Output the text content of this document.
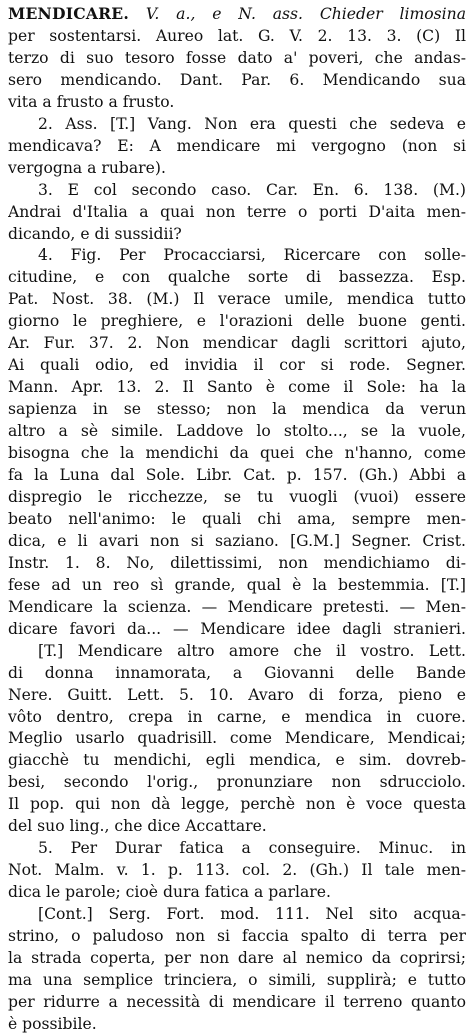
MENDICARE. V. a., e N. ass. Chieder limosina
per sostentarsi. Aureo lat. G. V. 2. 13. 3. (C) Il
terzo di suo tesoro fosse dato a' poveri, che andas-
sero mendicando. Dant. Par. 6. Mendicando sua
vita a frusto a frusto.
2. Ass. [T.] Vang. Non era questi che sedeva e
mendicava? E: A mendicare mi vergogno (non si
vergogna a rubare).
3. E col secondo caso. Car. En. 6. 138. (M.)
Andrai d'Italia a quai non terre o porti D'aita men-
dicando, e di sussidii?
4. Fig. Per Procacciarsi, Ricercare con solle-
citudine, e con qualche sorte di bassezza. Esp.
Pat. Nost. 38. (M.) Il verace umile, mendica tutto
giorno le preghiere, e l'orazioni delle buone genti.
Ar. Fur. 37. 2. Non mendicar dagli scrittori ajuto,
Ai quali odio, ed invidia il cor si rode. Segner.
Mann. Apr. 13. 2. Il Santo è come il Sole: ha la
sapienza in se stesso; non la mendica da verun
altro a sè simile. Laddove lo stolto..., se la vuole,
bisogna che la mendichi da quei che n'hanno, come
fa la Luna dal Sole. Libr. Cat. p. 157. (Gh.) Abbi a
dispregio le ricchezze, se tu vuogli (vuoi) essere
beato nell'animo: le quali chi ama, sempre men-
dica, e li avari non si saziano. [G.M.] Segner. Crist.
Instr. 1. 8. No, dilettissimi, non mendichiamo di-
fese ad un reo sì grande, qual è la bestemmia. [T.]
Mendicare la scienza. — Mendicare pretesti. — Men-
dicare favori da... — Mendicare idee dagli stranieri.
[T.] Mendicare altro amore che il vostro. Lett.
di donna innamorata, a Giovanni delle Bande
Nere. Guitt. Lett. 5. 10. Avaro di forza, pieno e
vôto dentro, crepa in carne, e mendica in cuore.
Meglio usarlo quadrisill. come Mendicare, Mendicai;
giacchè tu mendichi, egli mendica, e sim. dovreb-
besi, secondo l'orig., pronunziare non sdrucciolo.
Il pop. qui non dà legge, perchè non è voce questa
del suo ling., che dice Accattare.
5. Per Durar fatica a conseguire. Minuc. in
Not. Malm. v. 1. p. 113. col. 2. (Gh.) Il tale men-
dica le parole; cioè dura fatica a parlare.
[Cont.] Serg. Fort. mod. 111. Nel sito acqua-
strino, o paludoso non si faccia spalto di terra per
la strada coperta, per non dare al nemico da coprirsi;
ma una semplice trinciera, o simili, supplirà; e tutto
per ridurre a necessità di mendicare il terreno quanto
è possibile.
